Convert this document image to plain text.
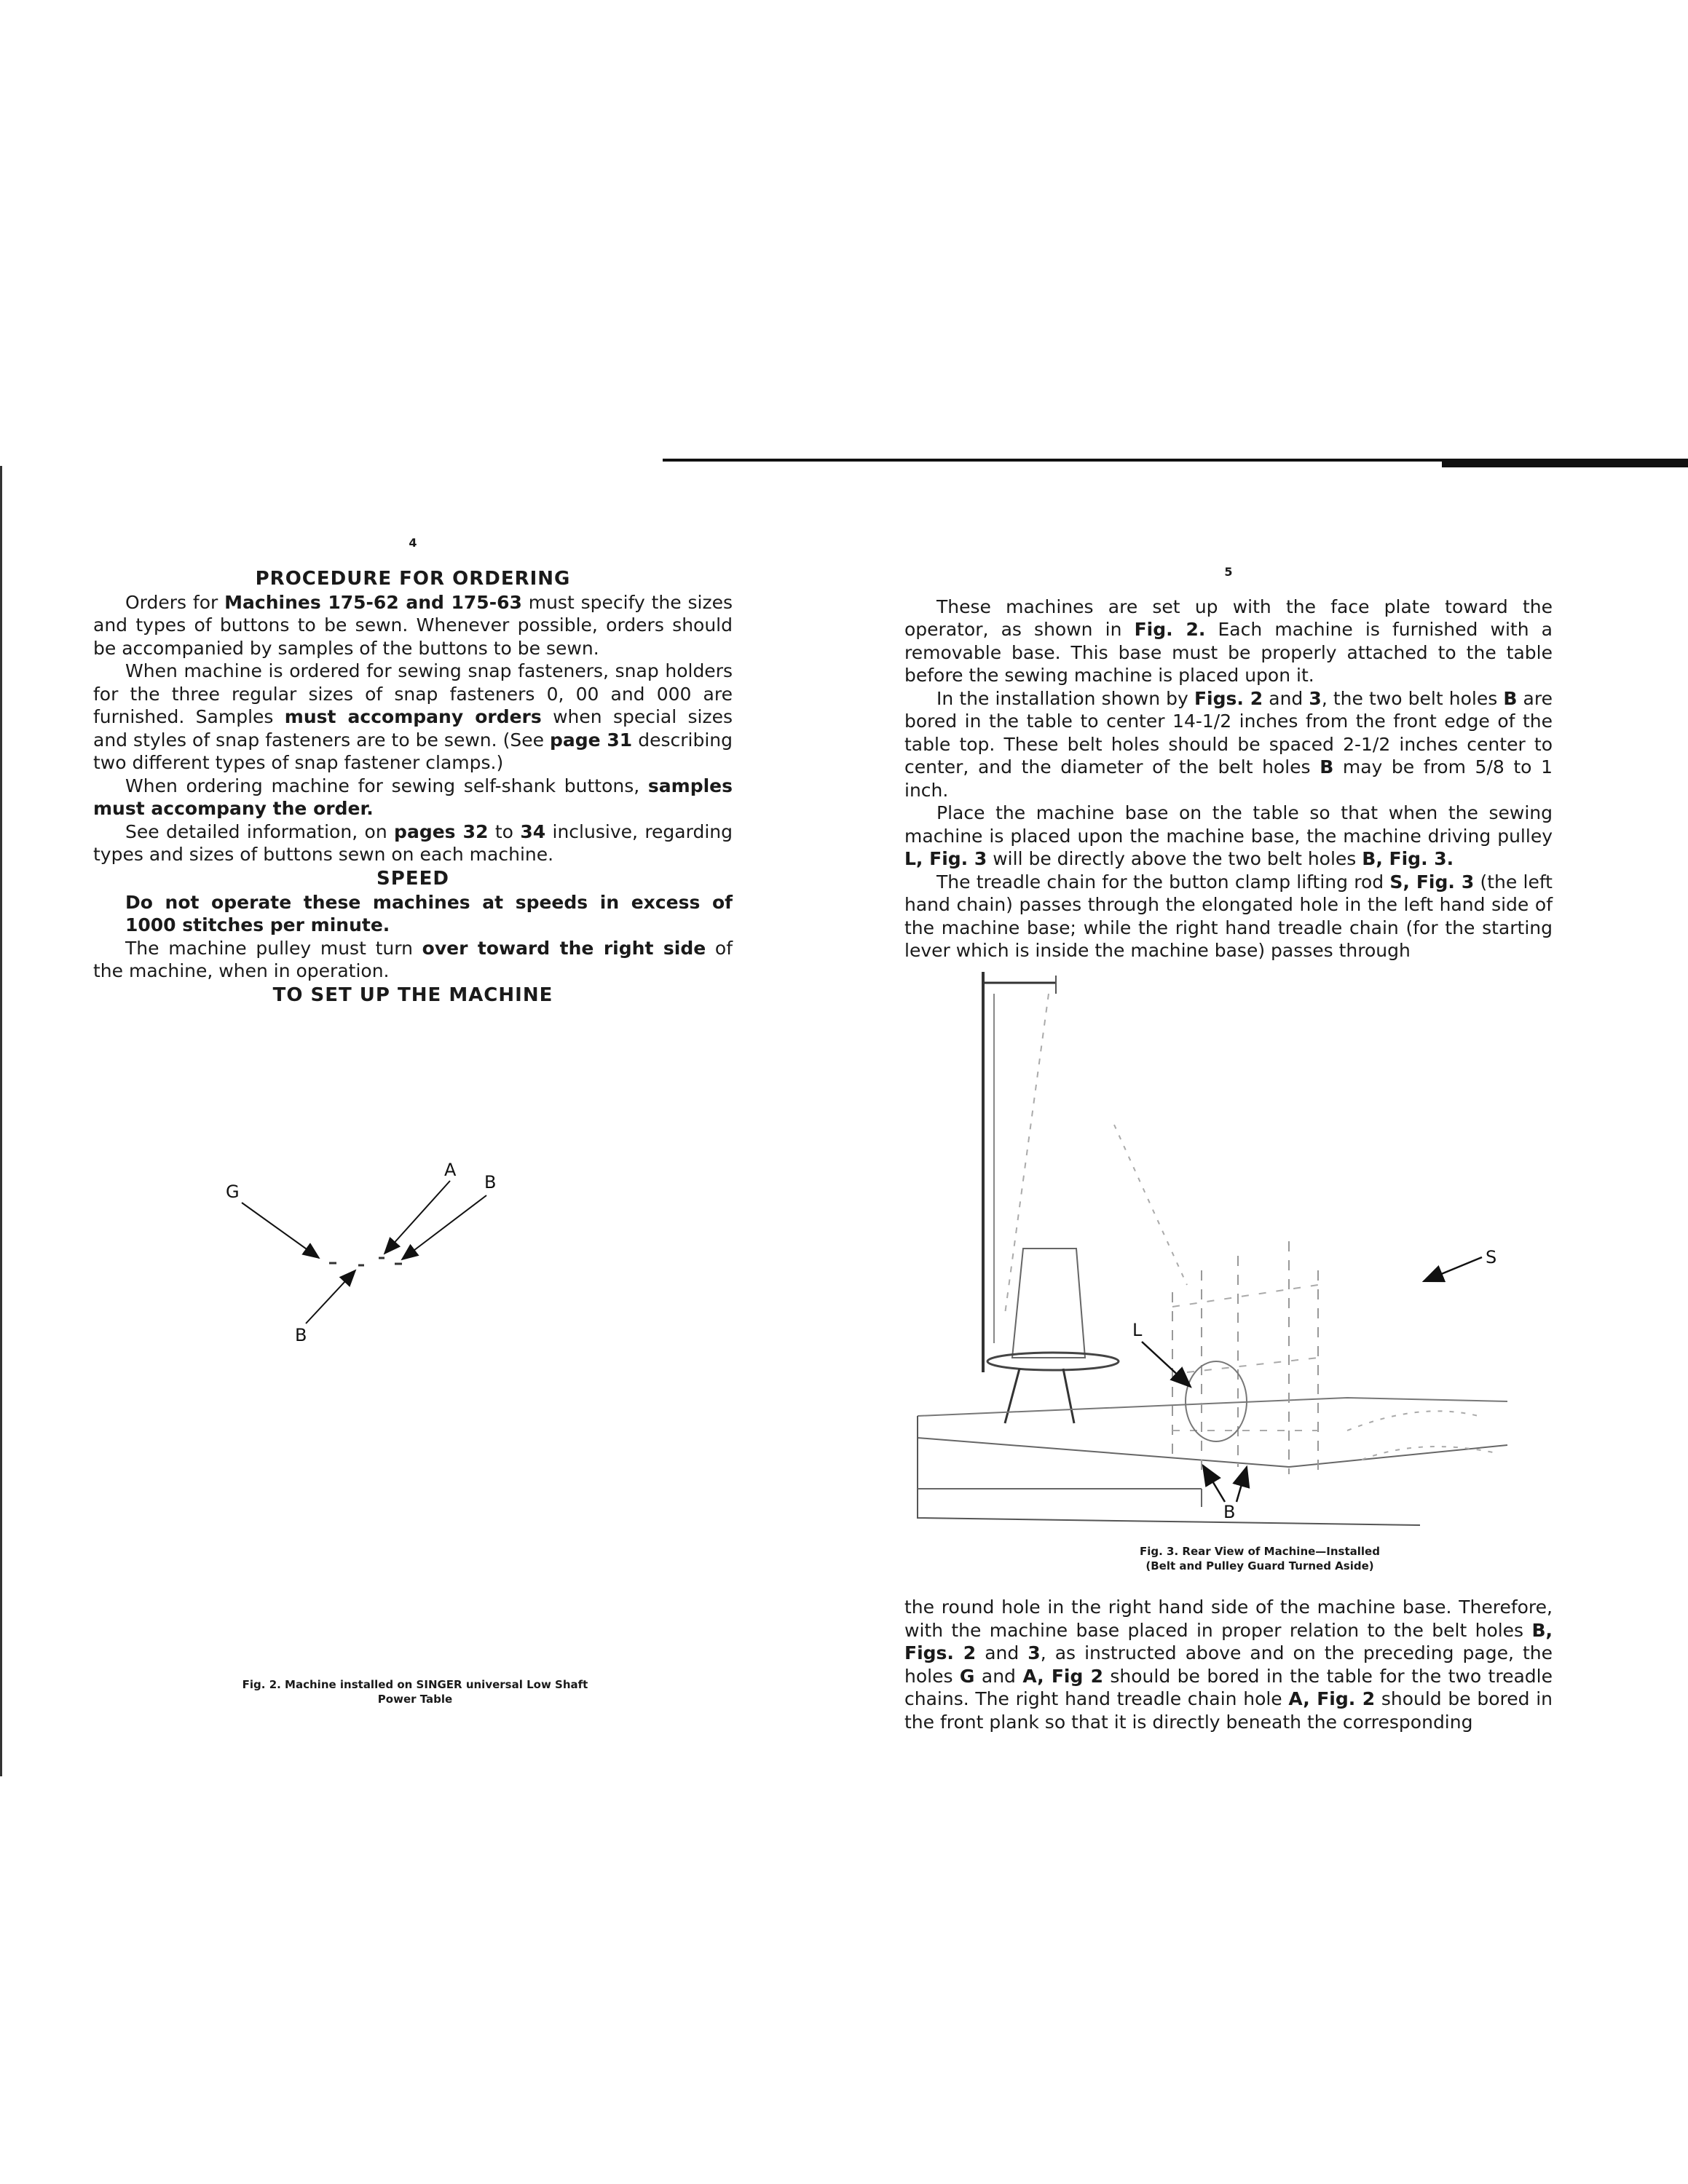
4
PROCEDURE FOR ORDERING

Orders for Machines 175-62 and 175-63 must specify the sizes and types of buttons to be sewn. Whenever possible, orders should be accompanied by samples of the buttons to be sewn.

When machine is ordered for sewing snap fasteners, snap holders for the three regular sizes of snap fasteners 0, 00 and 000 are furnished. Samples must accompany orders when special sizes and styles of snap fasteners are to be sewn. (See page 31 describing two different types of snap fastener clamps.)

When ordering machine for sewing self-shank buttons, samples must accompany the order.

See detailed information, on pages 32 to 34 inclusive, regarding types and sizes of buttons sewn on each machine.

SPEED

Do not operate these machines at speeds in excess of 1000 stitches per minute.

The machine pulley must turn over toward the right side of the machine, when in operation.

TO SET UP THE MACHINE
G
A
B
B
Fig. 2. Machine installed on SINGER universal Low Shaft
Power Table
5

These machines are set up with the face plate toward the operator, as shown in Fig. 2. Each machine is furnished with a removable base. This base must be properly attached to the table before the sewing machine is placed upon it.

In the installation shown by Figs. 2 and 3, the two belt holes B are bored in the table to center 14-1/2 inches from the front edge of the table top. These belt holes should be spaced 2-1/2 inches center to center, and the diameter of the belt holes B may be from 5/8 to 1 inch.

Place the machine base on the table so that when the sewing machine is placed upon the machine base, the machine driving pulley L, Fig. 3 will be directly above the two belt holes B, Fig. 3.

The treadle chain for the button clamp lifting rod S, Fig. 3 (the left hand chain) passes through the elongated hole in the left hand side of the machine base; while the right hand treadle chain (for the starting lever which is inside the machine base) passes through

S
L
B
Fig. 3. Rear View of Machine—Installed
(Belt and Pulley Guard Turned Aside)

the round hole in the right hand side of the machine base. Therefore, with the machine base placed in proper relation to the belt holes B, Figs. 2 and 3, as instructed above and on the preceding page, the holes G and A, Fig 2 should be bored in the table for the two treadle chains. The right hand treadle chain hole A, Fig. 2 should be bored in the front plank so that it is directly beneath the corresponding
